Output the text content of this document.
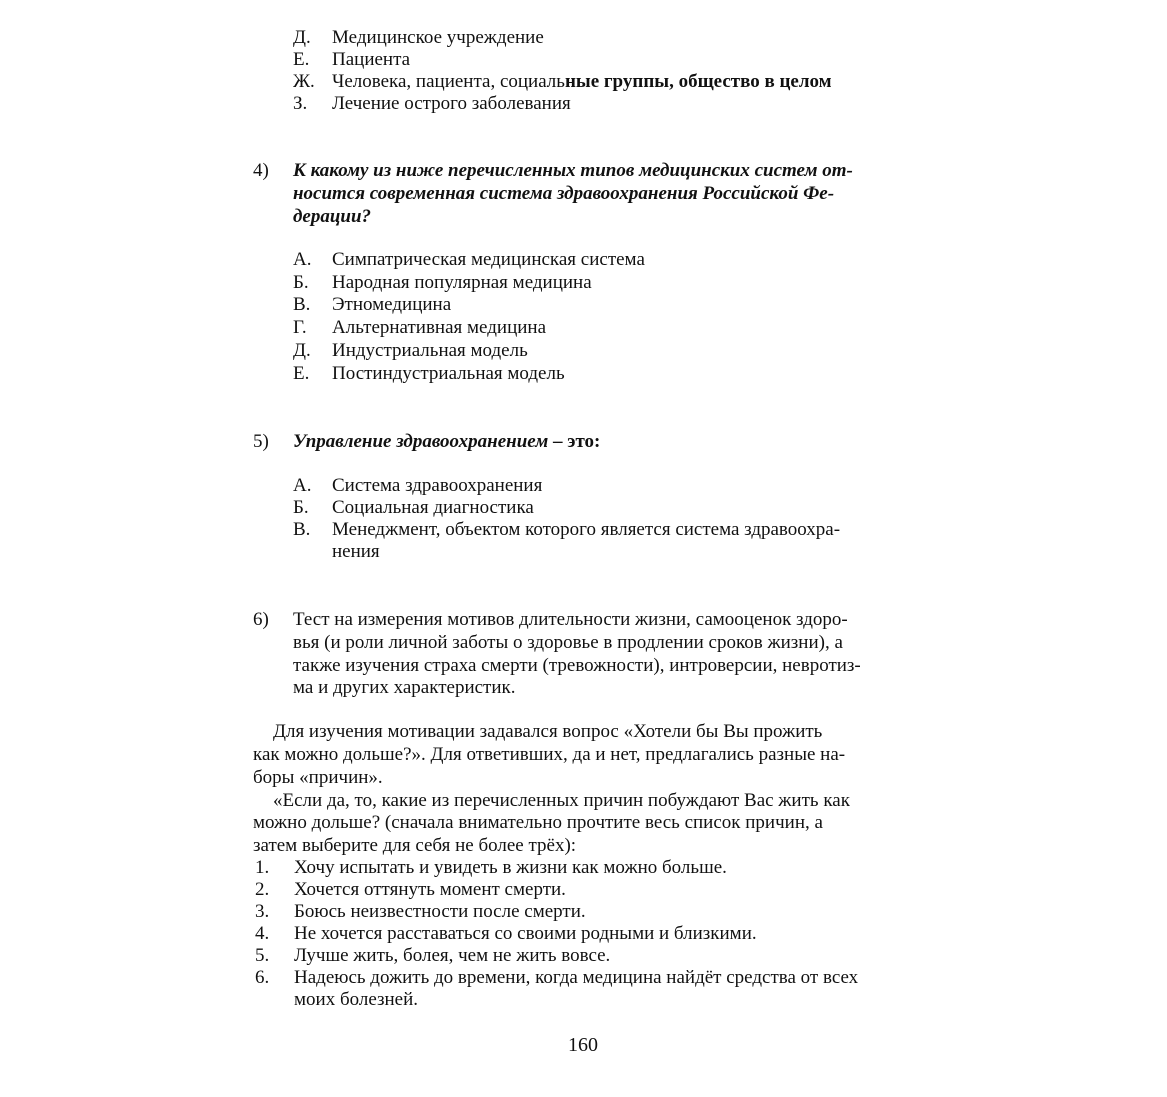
Д. Медицинское учреждение
Е. Пациента
Ж. Человека, пациента, социальные группы, общество в целом
З. Лечение острого заболевания
4) К какому из ниже перечисленных типов медицинских систем от-
носится современная система здравоохранения Российской Фе-
дерации?
А. Симпатрическая медицинская система
Б. Народная популярная медицина
В. Этномедицина
Г. Альтернативная медицина
Д. Индустриальная модель
Е. Постиндустриальная модель
5) Управление здравоохранением – это:
А. Система здравоохранения
Б. Социальная диагностика
В. Менеджмент, объектом которого является система здравоохра-
нения
6) Тест на измерения мотивов длительности жизни, самооценок здоро-
вья (и роли личной заботы о здоровье в продлении сроков жизни), а
также изучения страха смерти (тревожности), интроверсии, невротиз-
ма и других характеристик.
Для изучения мотивации задавался вопрос «Хотели бы Вы прожить
как можно дольше?». Для ответивших, да и нет, предлагались разные на-
боры «причин».
«Если да, то, какие из перечисленных причин побуждают Вас жить как
можно дольше? (сначала внимательно прочтите весь список причин, а
затем выберите для себя не более трёх):
1. Хочу испытать и увидеть в жизни как можно больше.
2. Хочется оттянуть момент смерти.
3. Боюсь неизвестности после смерти.
4. Не хочется расставаться со своими родными и близкими.
5. Лучше жить, болея, чем не жить вовсе.
6. Надеюсь дожить до времени, когда медицина найдёт средства от всех
моих болезней.
160
